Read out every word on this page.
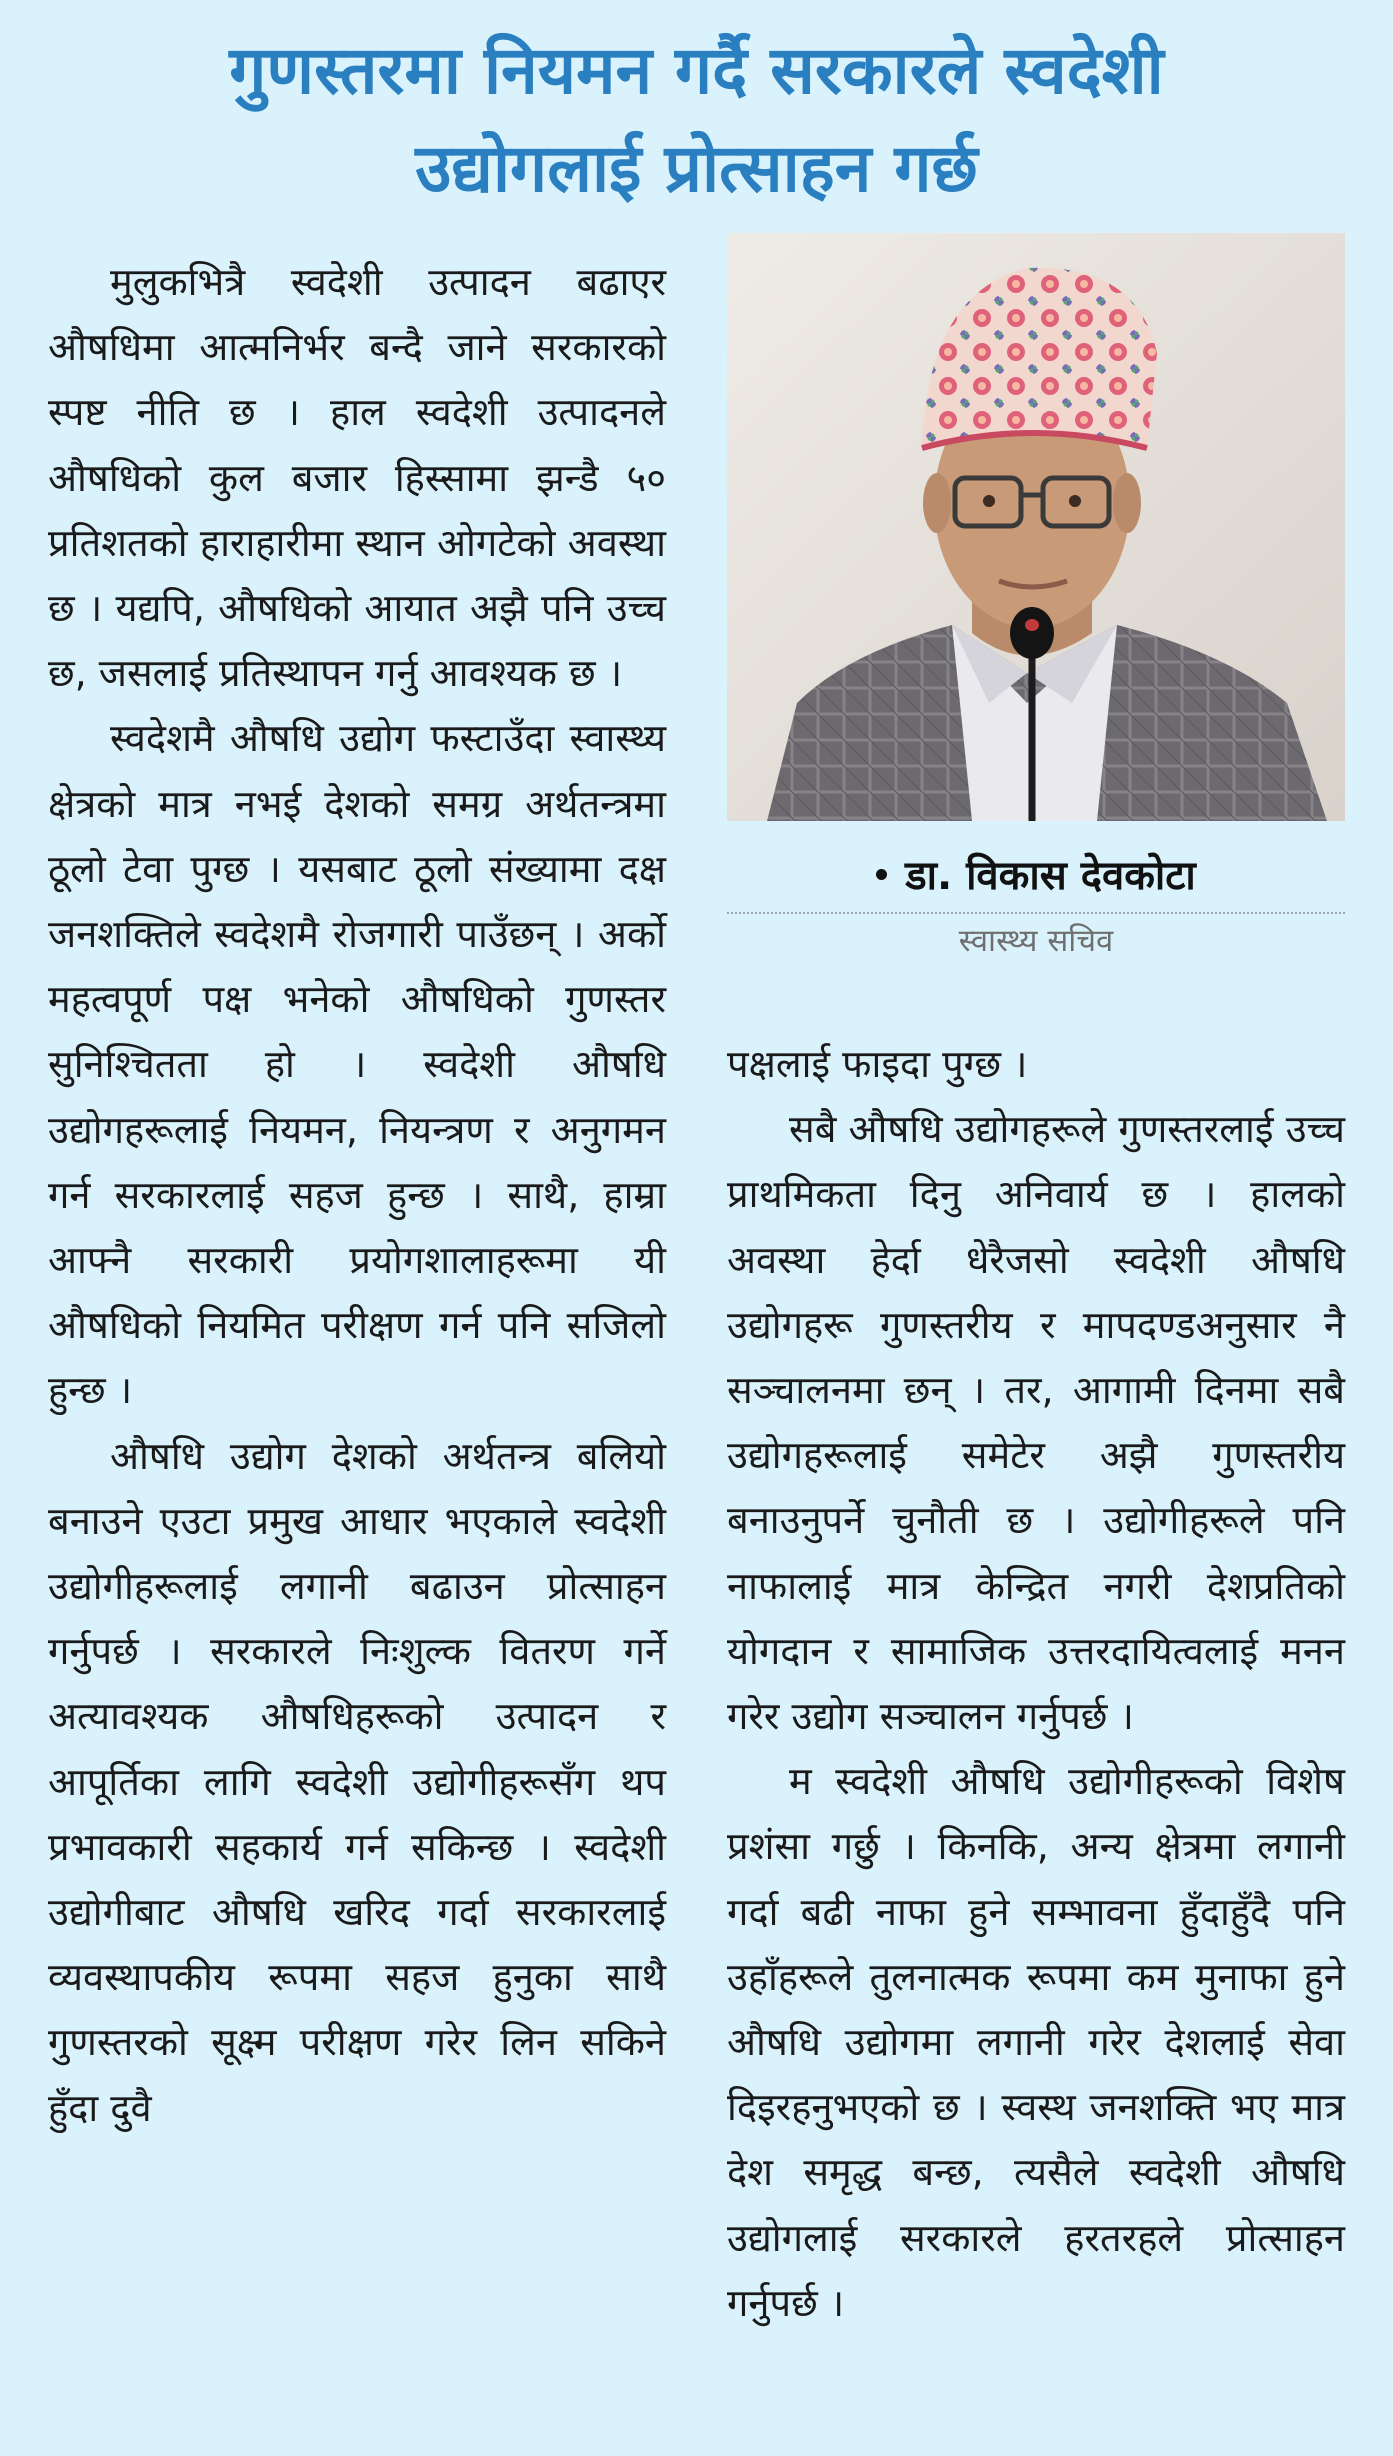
गुणस्तरमा नियमन गर्दै सरकारले स्वदेशी
उद्योगलाई प्रोत्साहन गर्छ

मुलुकभित्रै स्वदेशी उत्पादन बढाएर औषधिमा आत्मनिर्भर बन्दै जाने सरकारको स्पष्ट नीति छ । हाल स्वदेशी उत्पादनले औषधिको कुल बजार हिस्सामा झन्डै ५० प्रतिशतको हाराहारीमा स्थान ओगटेको अवस्था छ । यद्यपि, औषधिको आयात अझै पनि उच्च छ, जसलाई प्रतिस्थापन गर्नु आवश्यक छ ।

स्वदेशमै औषधि उद्योग फस्टाउँदा स्वास्थ्य क्षेत्रको मात्र नभई देशको समग्र अर्थतन्त्रमा ठूलो टेवा पुग्छ । यसबाट ठूलो संख्यामा दक्ष जनशक्तिले स्वदेशमै रोजगारी पाउँछन् । अर्को महत्वपूर्ण पक्ष भनेको औषधिको गुणस्तर सुनिश्चितता हो । स्वदेशी औषधि उद्योगहरूलाई नियमन, नियन्त्रण र अनुगमन गर्न सरकारलाई सहज हुन्छ । साथै, हाम्रा आफ्नै सरकारी प्रयोगशालाहरूमा यी औषधिको नियमित परीक्षण गर्न पनि सजिलो हुन्छ ।

औषधि उद्योग देशको अर्थतन्त्र बलियो बनाउने एउटा प्रमुख आधार भएकाले स्वदेशी उद्योगीहरूलाई लगानी बढाउन प्रोत्साहन गर्नुपर्छ । सरकारले निःशुल्क वितरण गर्ने अत्यावश्यक औषधिहरूको उत्पादन र आपूर्तिका लागि स्वदेशी उद्योगीहरूसँग थप प्रभावकारी सहकार्य गर्न सकिन्छ । स्वदेशी उद्योगीबाट औषधि खरिद गर्दा सरकारलाई व्यवस्थापकीय रूपमा सहज हुनुका साथै गुणस्तरको सूक्ष्म परीक्षण गरेर लिन सकिने हुँदा दुवै

डा. विकास देवकोटा
स्वास्थ्य सचिव

पक्षलाई फाइदा पुग्छ ।

सबै औषधि उद्योगहरूले गुणस्तरलाई उच्च प्राथमिकता दिनु अनिवार्य छ । हालको अवस्था हेर्दा धेरैजसो स्वदेशी औषधि उद्योगहरू गुणस्तरीय र मापदण्डअनुसार नै सञ्चालनमा छन् । तर, आगामी दिनमा सबै उद्योगहरूलाई समेटेर अझै गुणस्तरीय बनाउनुपर्ने चुनौती छ । उद्योगीहरूले पनि नाफालाई मात्र केन्द्रित नगरी देशप्रतिको योगदान र सामाजिक उत्तरदायित्वलाई मनन गरेर उद्योग सञ्चालन गर्नुपर्छ ।

म स्वदेशी औषधि उद्योगीहरूको विशेष प्रशंसा गर्छु । किनकि, अन्य क्षेत्रमा लगानी गर्दा बढी नाफा हुने सम्भावना हुँदाहुँदै पनि उहाँहरूले तुलनात्मक रूपमा कम मुनाफा हुने औषधि उद्योगमा लगानी गरेर देशलाई सेवा दिइरहनुभएको छ । स्वस्थ जनशक्ति भए मात्र देश समृद्ध बन्छ, त्यसैले स्वदेशी औषधि उद्योगलाई सरकारले हरतरहले प्रोत्साहन गर्नुपर्छ ।
